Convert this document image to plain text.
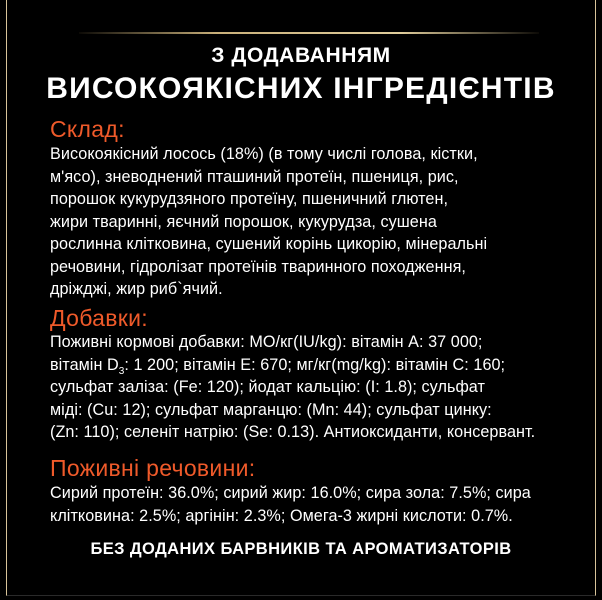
З ДОДАВАННЯМ
ВИСОКОЯКІСНИХ ІНГРЕДІЄНТІВ
Склад:
Високоякісний лосось (18%) (в тому числі голова, кістки,
м'ясо), зневоднений пташиний протеїн, пшениця, рис,
порошок кукурудзяного протеїну, пшеничний глютен,
жири тваринні, яєчний порошок, кукурудза, сушена
рослинна клітковина, сушений корінь цикорію, мінеральні
речовини, гідролізат протеїнів тваринного походження,
дріжджі, жир риб`ячий.
Добавки:
Поживні кормові добавки: МО/кг(IU/kg): вітамін А: 37 000;
вітамін $D_3$: 1 200; вітамін Е: 670; мг/кг(mg/kg): вітамін С: 160;
сульфат заліза: (Fe: 120); йодат кальцію: (I: 1.8); сульфат
міді: (Cu: 12); сульфат марганцю: (Mn: 44); сульфат цинку:
(Zn: 110); селеніт натрію: (Se: 0.13). Антиоксиданти, консервант.
Поживні речовини:
Сирий протеїн: 36.0%; сирий жир: 16.0%; сира зола: 7.5%; сира
клітковина: 2.5%; аргінін: 2.3%; Омега-3 жирні кислоти: 0.7%.
БЕЗ ДОДАНИХ БАРВНИКІВ ТА АРОМАТИЗАТОРІВ
